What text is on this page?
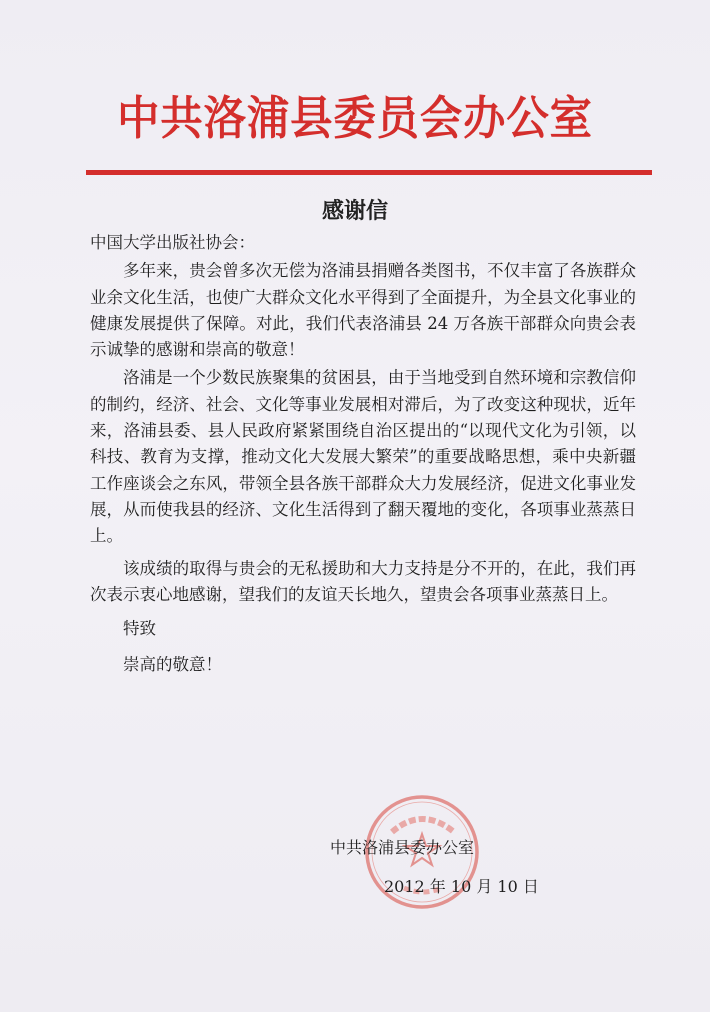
中共洛浦县委员会办公室
感谢信

中国大学出版社协会：

多年来，贵会曾多次无偿为洛浦县捐赠各类图书，不仅丰富了各族群众业余文化生活，也使广大群众文化水平得到了全面提升，为全县文化事业的健康发展提供了保障。对此，我们代表洛浦县 24 万各族干部群众向贵会表示诚挚的感谢和崇高的敬意！

洛浦是一个少数民族聚集的贫困县，由于当地受到自然环境和宗教信仰的制约，经济、社会、文化等事业发展相对滞后，为了改变这种现状，近年来，洛浦县委、县人民政府紧紧围绕自治区提出的“以现代文化为引领，以科技、教育为支撑，推动文化大发展大繁荣”的重要战略思想，乘中央新疆工作座谈会之东风，带领全县各族干部群众大力发展经济，促进文化事业发展，从而使我县的经济、文化生活得到了翻天覆地的变化，各项事业蒸蒸日上。

该成绩的取得与贵会的无私援助和大力支持是分不开的，在此，我们再次表示衷心地感谢，望我们的友谊天长地久，望贵会各项事业蒸蒸日上。

特致

崇高的敬意！

中共洛浦县委办公室
2012 年 10 月 10 日
